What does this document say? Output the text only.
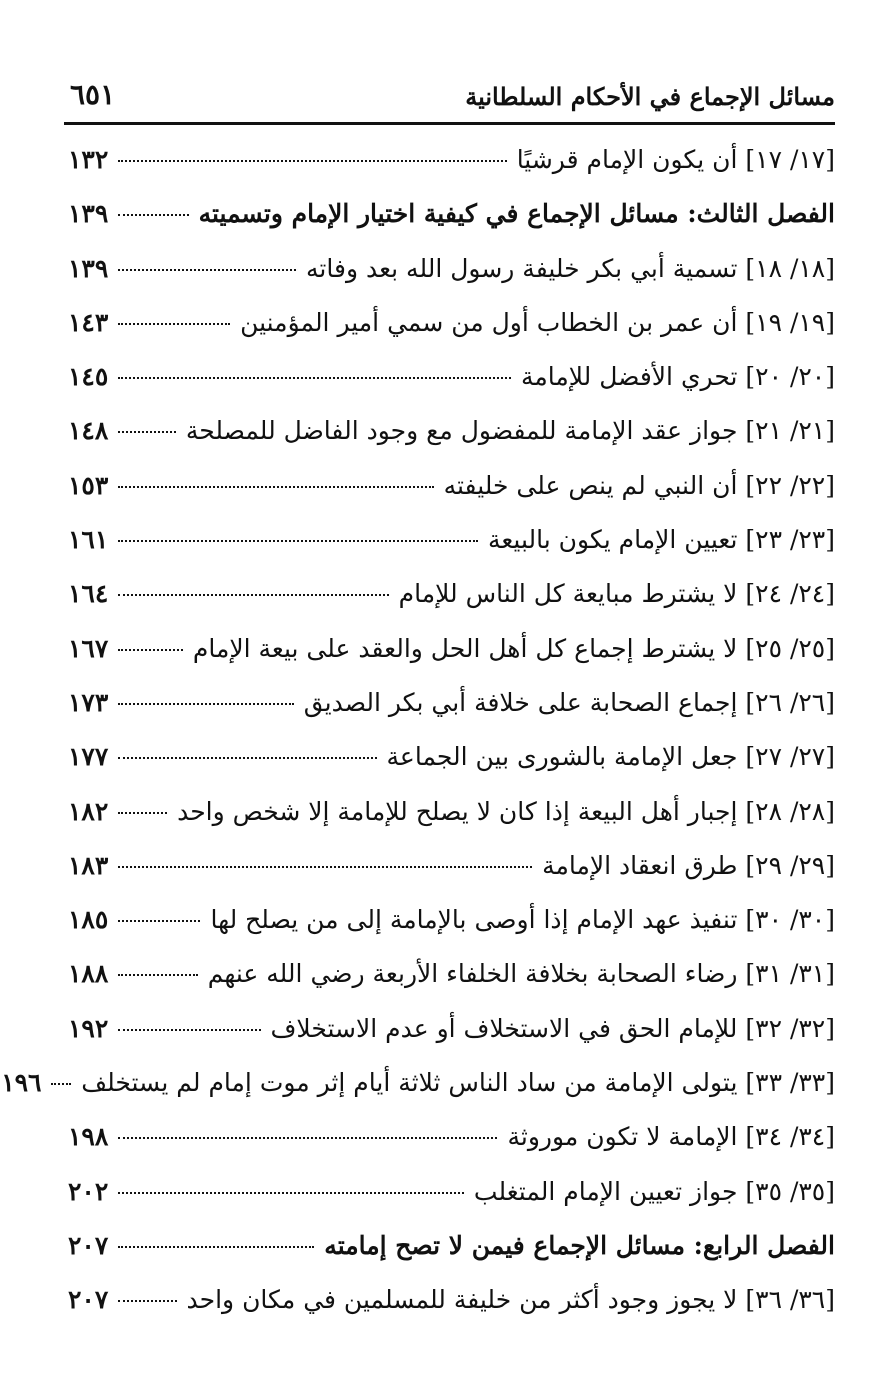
مسائل الإجماع في الأحكام السلطانية
٦٥١
[١٧/ ١٧]

أن يكون الإمام قرشيًا
١٣٢
الفصل الثالث: مسائل الإجماع في كيفية اختيار الإمام وتسميته
١٣٩
[١٨/ ١٨]

تسمية أبي بكر خليفة رسول الله بعد وفاته
١٣٩
[١٩/ ١٩]

أن عمر بن الخطاب أول من سمي أمير المؤمنين
١٤٣
[٢٠/ ٢٠]

تحري الأفضل للإمامة
١٤٥
[٢١/ ٢١]

جواز عقد الإمامة للمفضول مع وجود الفاضل للمصلحة
١٤٨
[٢٢/ ٢٢]

أن النبي لم ينص على خليفته
١٥٣
[٢٣/ ٢٣]

تعيين الإمام يكون بالبيعة
١٦١
[٢٤/ ٢٤]

لا يشترط مبايعة كل الناس للإمام
١٦٤
[٢٥/ ٢٥]

لا يشترط إجماع كل أهل الحل والعقد على بيعة الإمام
١٦٧
[٢٦/ ٢٦]

إجماع الصحابة على خلافة أبي بكر الصديق
١٧٣
[٢٧/ ٢٧]

جعل الإمامة بالشورى بين الجماعة
١٧٧
[٢٨/ ٢٨]

إجبار أهل البيعة إذا كان لا يصلح للإمامة إلا شخص واحد
١٨٢
[٢٩/ ٢٩]

طرق انعقاد الإمامة
١٨٣
[٣٠/ ٣٠]

تنفيذ عهد الإمام إذا أوصى بالإمامة إلى من يصلح لها
١٨٥
[٣١/ ٣١]

رضاء الصحابة بخلافة الخلفاء الأربعة رضي الله عنهم
١٨٨
[٣٢/ ٣٢]

للإمام الحق في الاستخلاف أو عدم الاستخلاف
١٩٢
[٣٣/ ٣٣]

يتولى الإمامة من ساد الناس ثلاثة أيام إثر موت إمام لم يستخلف
١٩٦
[٣٤/ ٣٤]

الإمامة لا تكون موروثة
١٩٨
[٣٥/ ٣٥]

جواز تعيين الإمام المتغلب
٢٠٢
الفصل الرابع: مسائل الإجماع فيمن لا تصح إمامته
٢٠٧
[٣٦/ ٣٦]

لا يجوز وجود أكثر من خليفة للمسلمين في مكان واحد
٢٠٧
